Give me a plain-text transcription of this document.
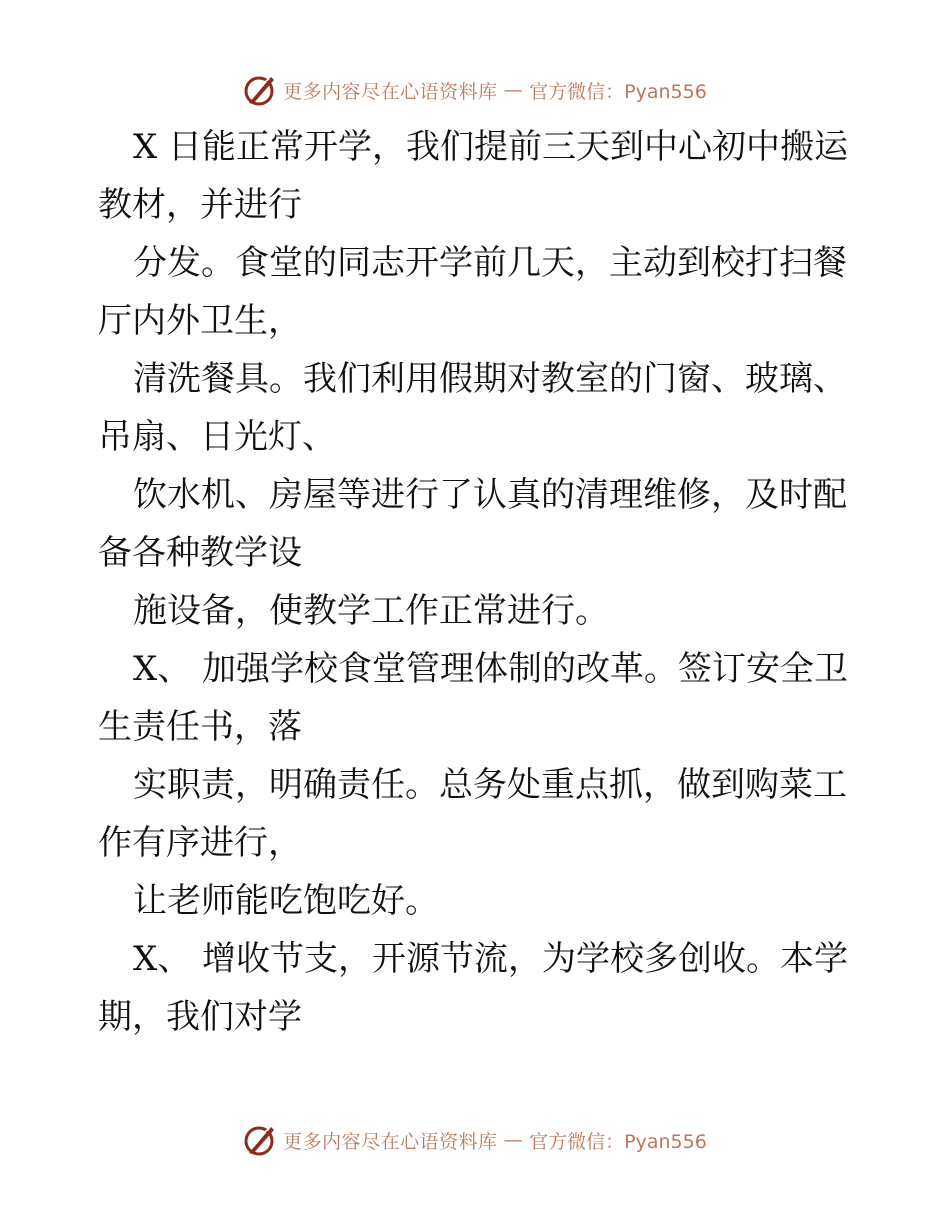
更多内容尽在心语资料库 — 官方微信：Pyan556

X 日能正常开学，我们提前三天到中心初中搬运教材，并进行

分发。食堂的同志开学前几天，主动到校打扫餐厅内外卫生，

清洗餐具。我们利用假期对教室的门窗、玻璃、吊扇、日光灯、

饮水机、房屋等进行了认真的清理维修，及时配备各种教学设

施设备，使教学工作正常进行。

X、 加强学校食堂管理体制的改革。签订安全卫生责任书，落

实职责，明确责任。总务处重点抓，做到购菜工作有序进行，

让老师能吃饱吃好。

X、 增收节支，开源节流，为学校多创收。本学期，我们对学

更多内容尽在心语资料库 — 官方微信：Pyan556
